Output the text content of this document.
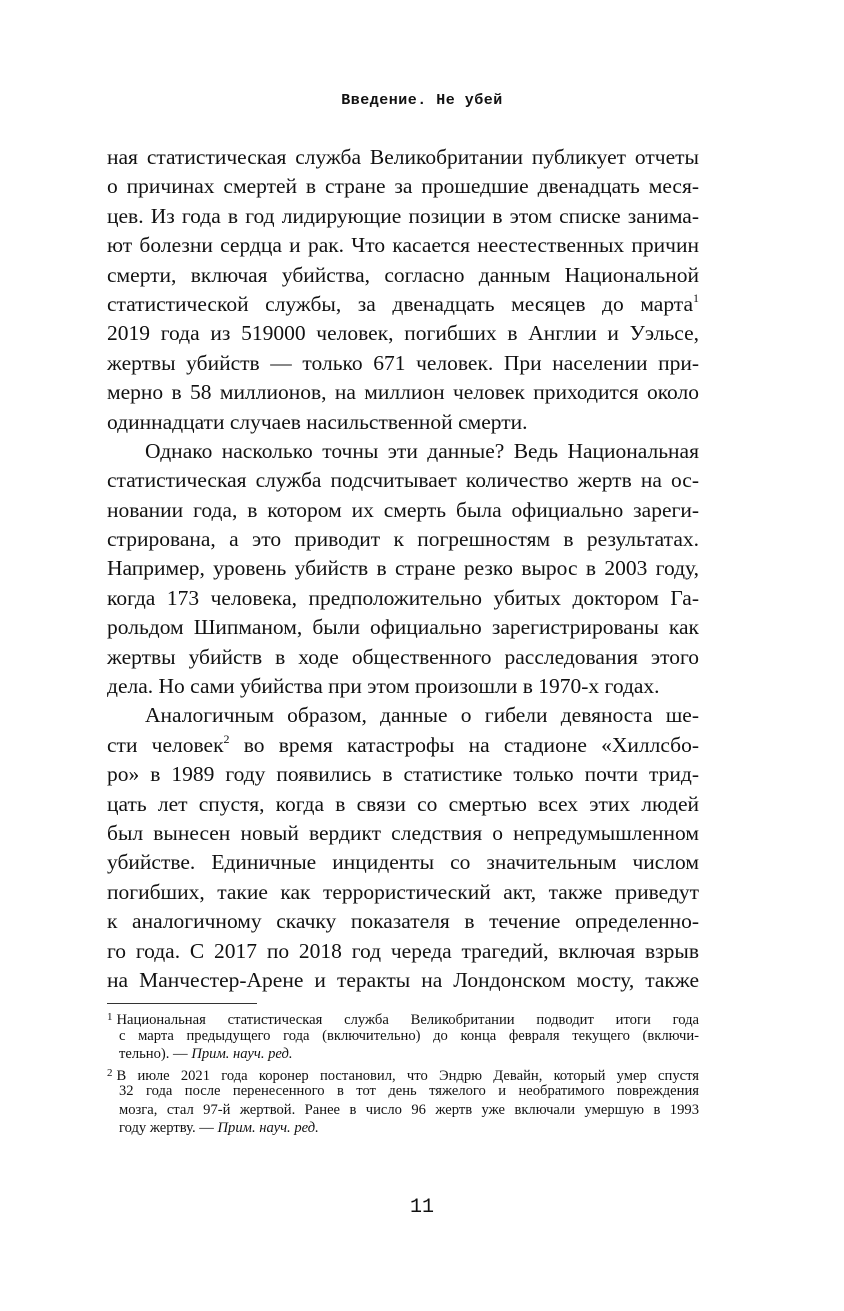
Введение. Не убей
ная статистическая служба Великобритании публикует отчеты
о причинах смертей в стране за прошедшие двенадцать меся-
цев. Из года в год лидирующие позиции в этом списке занима-
ют болезни сердца и рак. Что касается неестественных причин
смерти, включая убийства, согласно данным Национальной
статистической службы, за двенадцать месяцев до марта$^1$
2019 года из 519000 человек, погибших в Англии и Уэльсе,
жертвы убийств — только 671 человек. При населении при-
мерно в 58 миллионов, на миллион человек приходится около
одиннадцати случаев насильственной смерти.
Однако насколько точны эти данные? Ведь Национальная
статистическая служба подсчитывает количество жертв на ос-
новании года, в котором их смерть была официально зареги-
стрирована, а это приводит к погрешностям в результатах.
Например, уровень убийств в стране резко вырос в 2003 году,
когда 173 человека, предположительно убитых доктором Га-
рольдом Шипманом, были официально зарегистрированы как
жертвы убийств в ходе общественного расследования этого
дела. Но сами убийства при этом произошли в 1970-х годах.
Аналогичным образом, данные о гибели девяноста ше-
сти человек$^2$ во время катастрофы на стадионе «Хиллсбо-
ро» в 1989 году появились в статистике только почти трид-
цать лет спустя, когда в связи со смертью всех этих людей
был вынесен новый вердикт следствия о непредумышленном
убийстве. Единичные инциденты со значительным числом
погибших, такие как террористический акт, также приведут
к аналогичному скачку показателя в течение определенно-
го года. С 2017 по 2018 год череда трагедий, включая взрыв
на Манчестер-Арене и теракты на Лондонском мосту, также
$^1$ Национальная статистическая служба Великобритании подводит итоги года
с марта предыдущего года (включительно) до конца февраля текущего (включи-
тельно). — Прим. науч. ред.
$^2$ В июле 2021 года коронер постановил, что Эндрю Девайн, который умер спустя
32 года после перенесенного в тот день тяжелого и необратимого повреждения
мозга, стал 97-й жертвой. Ранее в число 96 жертв уже включали умершую в 1993
году жертву. — Прим. науч. ред.
11
